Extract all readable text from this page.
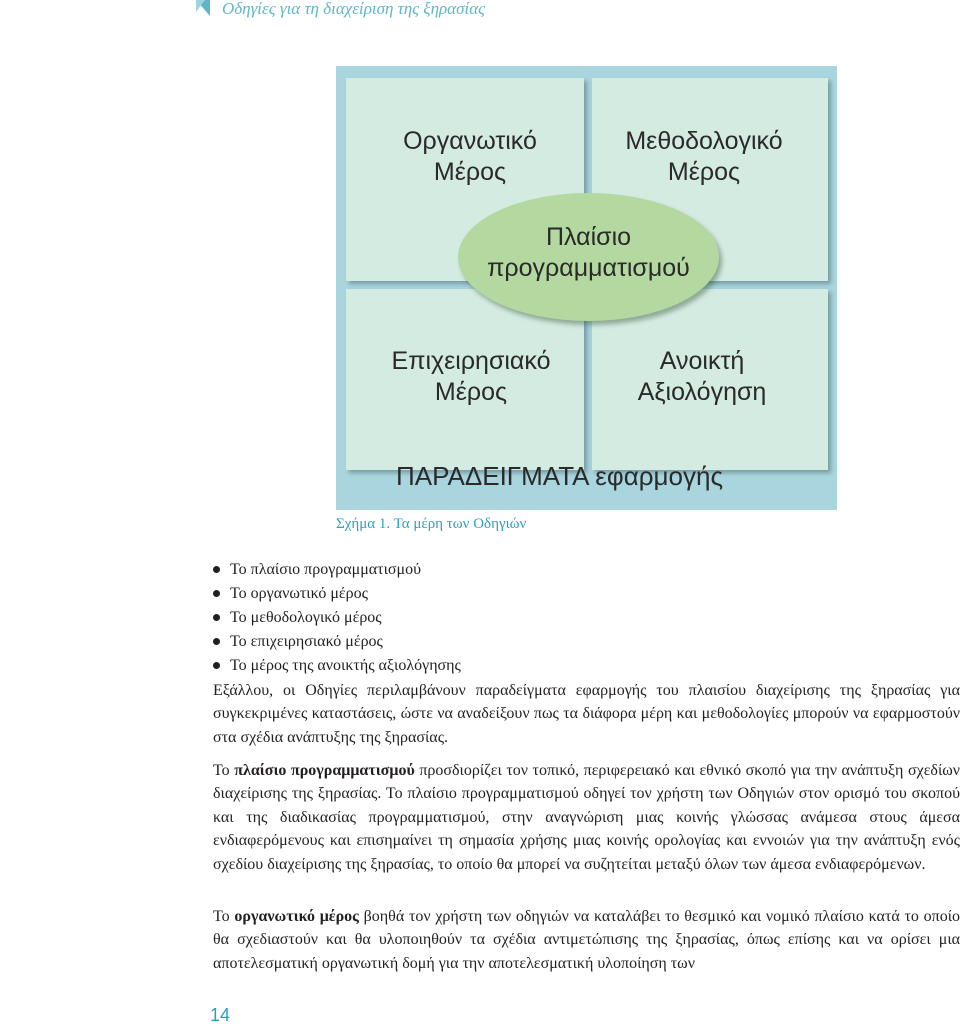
Οδηγίες για τη διαχείριση της ξηρασίας
Οργανωτικό Μέρος
Μεθοδολογικό Μέρος
Επιχειρησιακό Μέρος
Ανοικτή Αξιολόγηση
Πλαίσιο προγραμματισμού
ΠΑΡΑΔΕΙΓΜΑΤΑ εφαρμογής
Σχήμα 1. Τα μέρη των Οδηγιών
Το πλαίσιο προγραμματισμού
Το οργανωτικό μέρος
Το μεθοδολογικό μέρος
Το επιχειρησιακό μέρος
Το μέρος της ανοικτής αξιολόγησης

Εξάλλου, οι Οδηγίες περιλαμβάνουν παραδείγματα εφαρμογής του πλαισίου διαχείρισης της ξηρασίας για συγκεκριμένες καταστάσεις, ώστε να αναδείξουν πως τα διάφορα μέρη και μεθοδολογίες μπορούν να εφαρμοστούν στα σχέδια ανάπτυξης της ξηρασίας.

Το πλαίσιο προγραμματισμού προσδιορίζει τον τοπικό, περιφερειακό και εθνικό σκοπό για την ανάπτυξη σχεδίων διαχείρισης της ξηρασίας. Το πλαίσιο προγραμματισμού οδηγεί τον χρήστη των Οδηγιών στον ορισμό του σκοπού και της διαδικασίας προγραμματισμού, στην αναγνώριση μιας κοινής γλώσσας ανάμεσα στους άμεσα ενδιαφερόμενους και επισημαίνει τη σημασία χρήσης μιας κοινής ορολογίας και εννοιών για την ανάπτυξη ενός σχεδίου διαχείρισης της ξηρασίας, το οποίο θα μπορεί να συζητείται μεταξύ όλων των άμεσα ενδιαφερόμενων.

Το οργανωτικό μέρος βοηθά τον χρήστη των οδηγιών να καταλάβει το θεσμικό και νομικό πλαίσιο κατά το οποίο θα σχεδιαστούν και θα υλοποιηθούν τα σχέδια αντιμετώπισης της ξηρασίας, όπως επίσης και να ορίσει μια αποτελεσματική οργανωτική δομή για την αποτελεσματική υλοποίηση των

14
